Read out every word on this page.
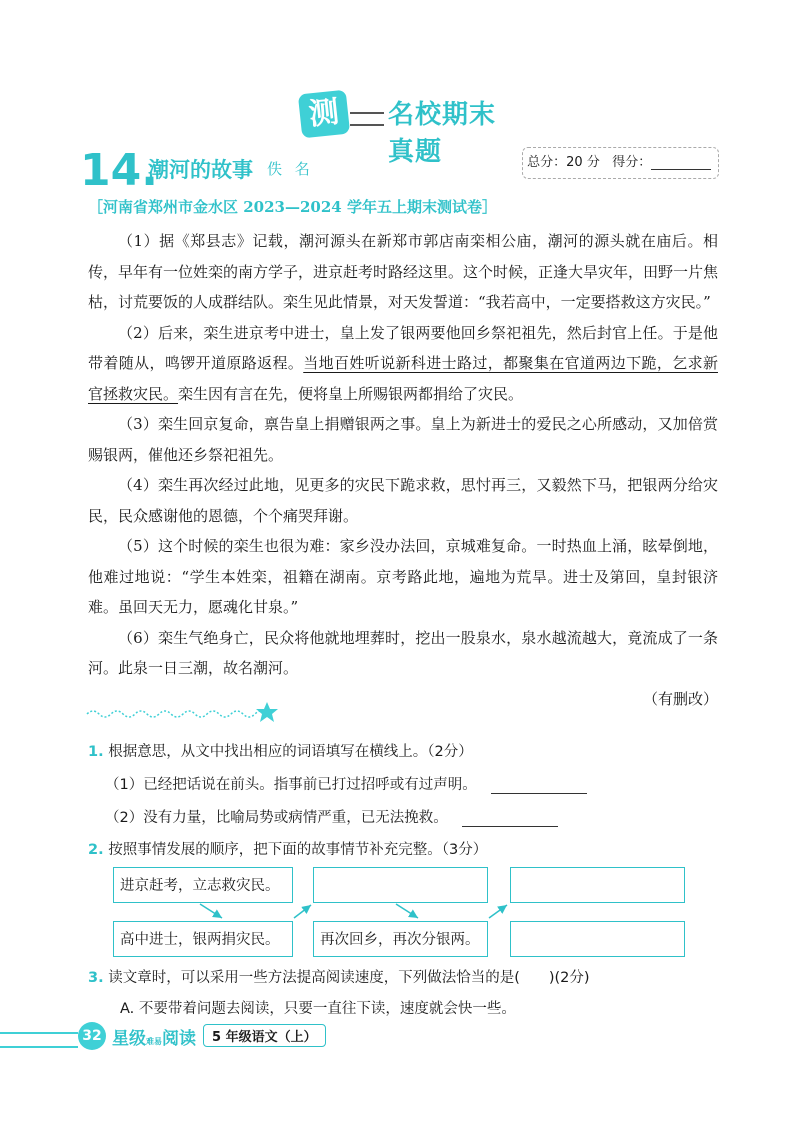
测	名校期末真题
14.
潮河的故事 佚 名	总分：20 分 得分：
［河南省郑州市金水区 2023—2024 学年五上期末测试卷］

（1）据《郑县志》记载，潮河源头在新郑市郭店南栾相公庙，潮河的源头就在庙后。相传，早年有一位姓栾的南方学子，进京赶考时路经这里。这个时候，正逢大旱灾年，田野一片焦枯，讨荒要饭的人成群结队。栾生见此情景，对天发誓道：“我若高中，一定要搭救这方灾民。”

（2）后来，栾生进京考中进士，皇上发了银两要他回乡祭祀祖先，然后封官上任。于是他带着随从，鸣锣开道原路返程。当地百姓听说新科进士路过，都聚集在官道两边下跪，乞求新官拯救灾民。栾生因有言在先，便将皇上所赐银两都捐给了灾民。

（3）栾生回京复命，禀告皇上捐赠银两之事。皇上为新进士的爱民之心所感动，又加倍赏赐银两，催他还乡祭祀祖先。

（4）栾生再次经过此地，见更多的灾民下跪求救，思忖再三，又毅然下马，把银两分给灾民，民众感谢他的恩德，个个痛哭拜谢。

（5）这个时候的栾生也很为难：家乡没办法回，京城难复命。一时热血上涌，眩晕倒地，他难过地说：“学生本姓栾，祖籍在湖南。京考路此地，遍地为荒旱。进士及第回，皇封银济难。虽回天无力，愿魂化甘泉。”

（6）栾生气绝身亡，民众将他就地埋葬时，挖出一股泉水，泉水越流越大，竟流成了一条河。此泉一日三潮，故名潮河。

（有删改）
1. 根据意思，从文中找出相应的词语填写在横线上。（2分）
（1）已经把话说在前头。指事前已打过招呼或有过声明。
（2）没有力量，比喻局势或病情严重，已无法挽救。
2. 按照事情发展的顺序，把下面的故事情节补充完整。（3分）
进京赶考，立志救灾民。
高中进士，银两捐灾民。	再次回乡，再次分银两。
3. 读文章时，可以采用一些方法提高阅读速度，下列做法恰当的是(　　)(2分)
A. 不要带着问题去阅读，只要一直往下读，速度就会快一些。
32 星级难易阅读	5 年级语文（上）
